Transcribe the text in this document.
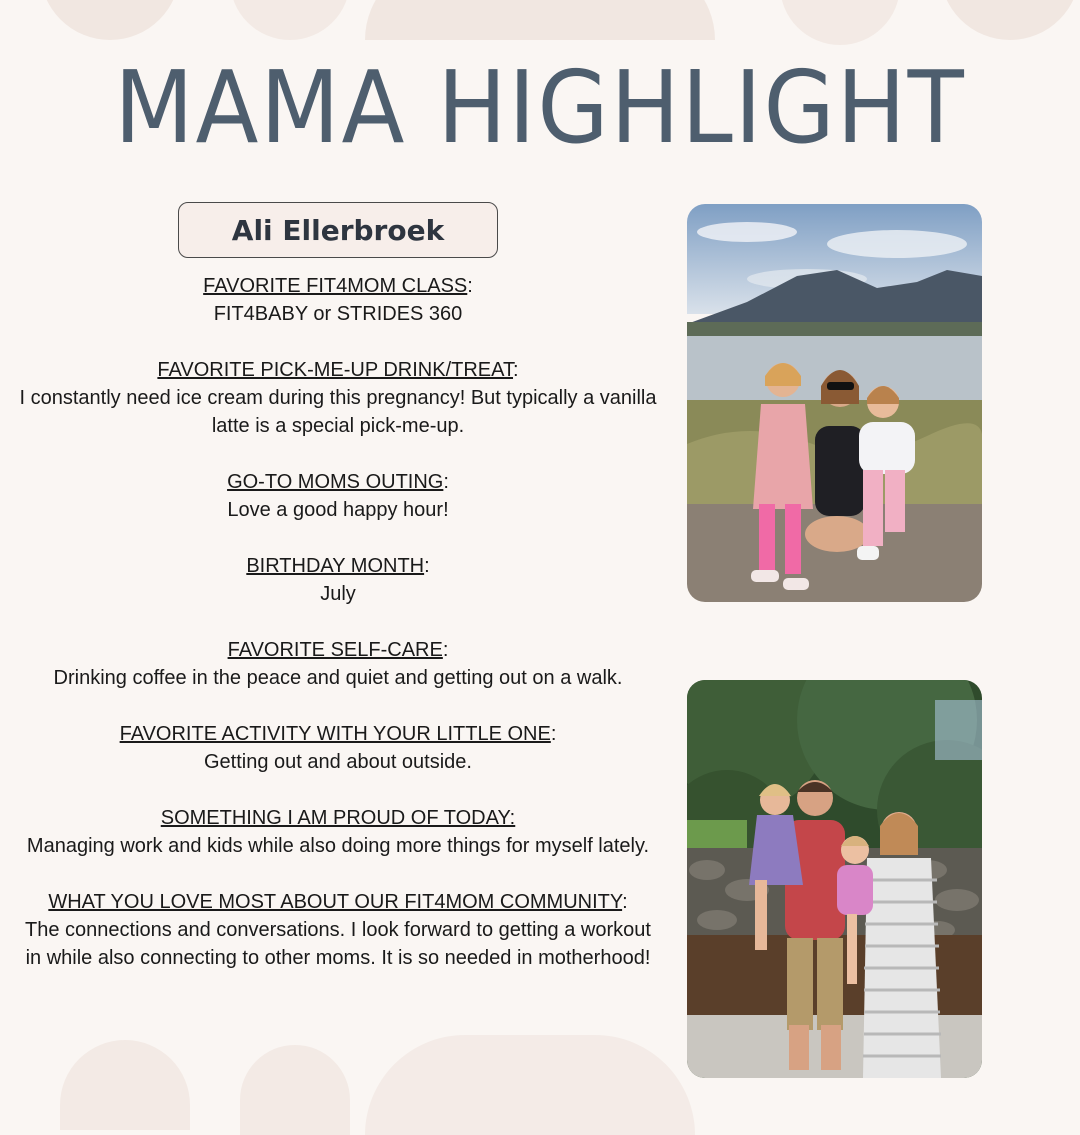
MAMA HIGHLIGHT
Ali Ellerbroek
FAVORITE FIT4MOM CLASS:
FIT4BABY or STRIDES 360
FAVORITE PICK-ME-UP DRINK/TREAT:
I constantly need ice cream during this pregnancy! But typically a vanilla latte is a special pick-me-up.
GO-TO MOMS OUTING:
Love a good happy hour!
BIRTHDAY MONTH:
July
FAVORITE SELF-CARE:
Drinking coffee in the peace and quiet and getting out on a walk.
FAVORITE ACTIVITY WITH YOUR LITTLE ONE:
Getting out and about outside.
SOMETHING I AM PROUD OF TODAY:
Managing work and kids while also doing more things for myself lately.
WHAT YOU LOVE MOST ABOUT OUR FIT4MOM COMMUNITY:
The connections and conversations. I look forward to getting a workout in while also connecting to other moms. It is so needed in motherhood!
